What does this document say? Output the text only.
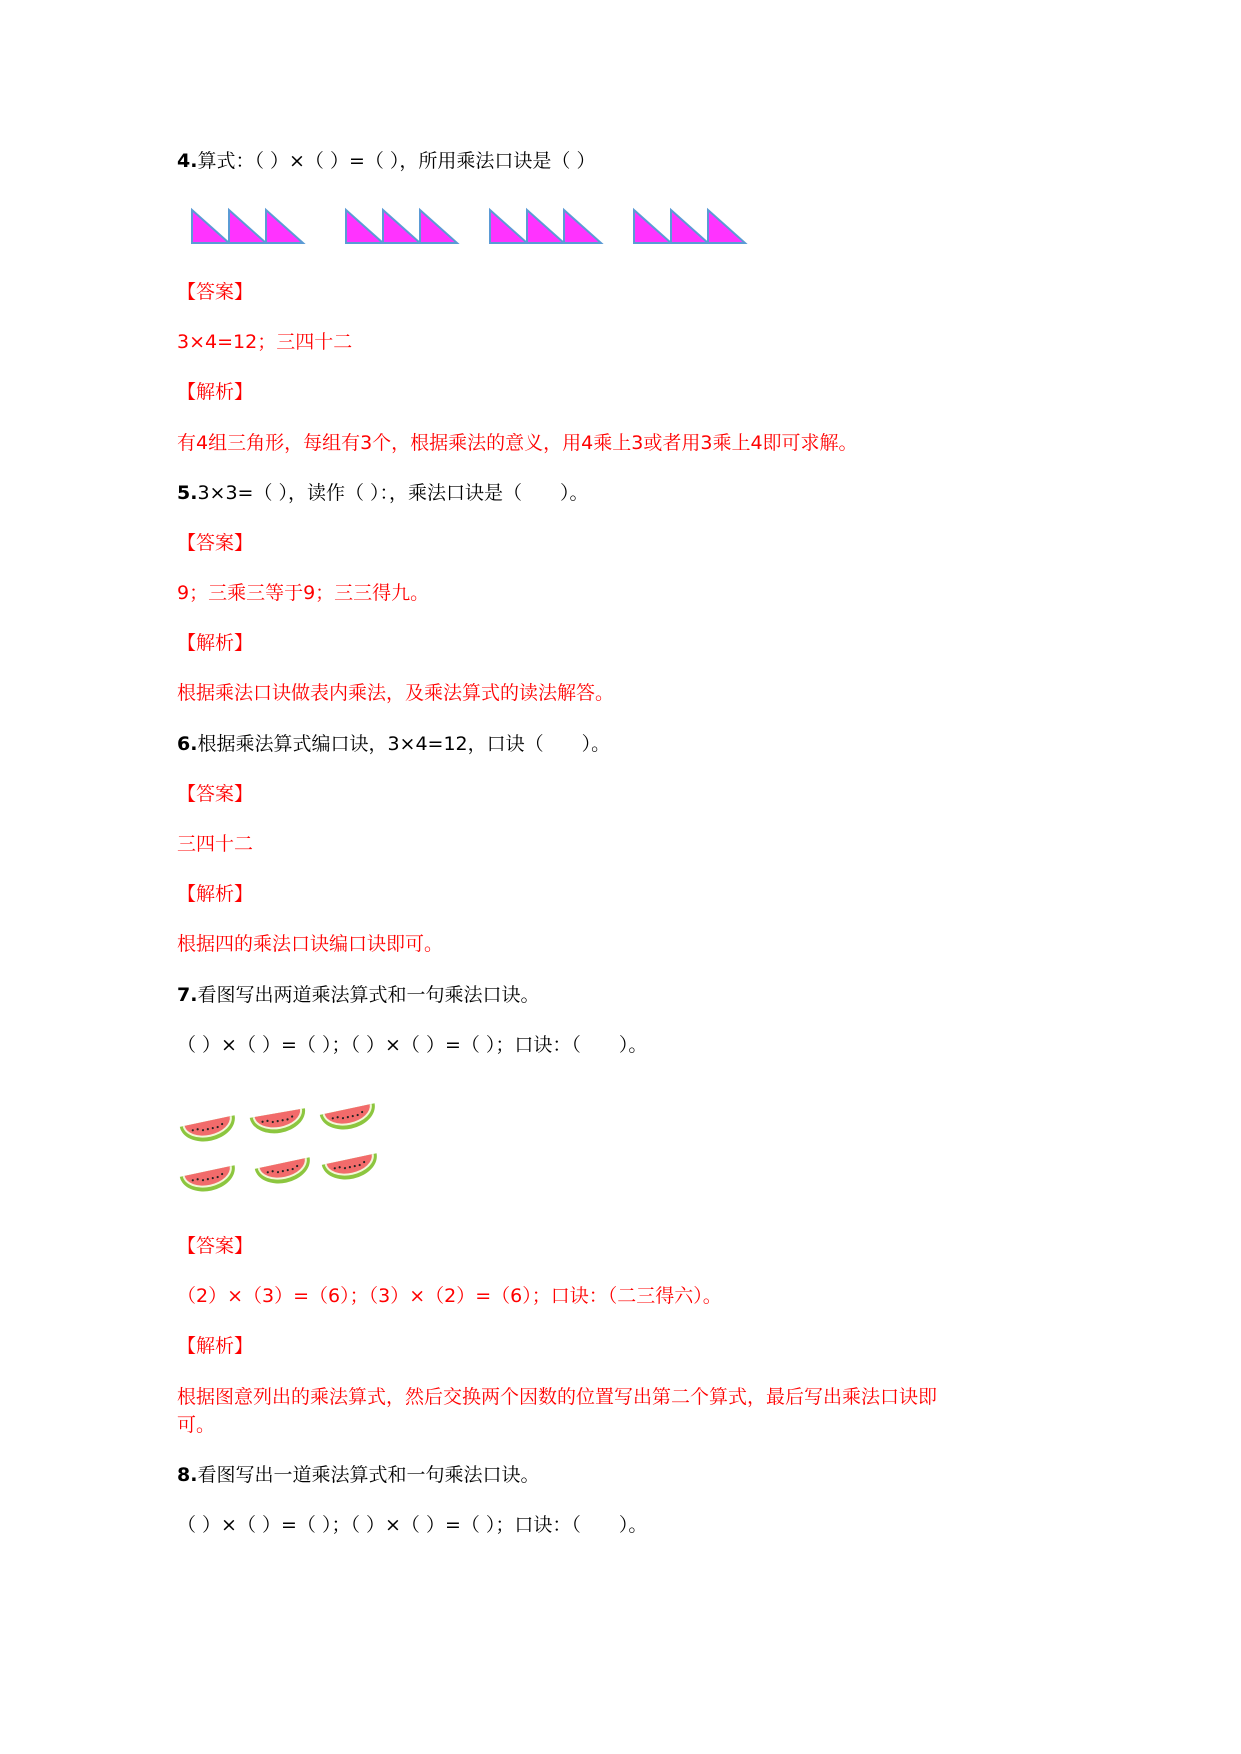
4.算式：（ ）×（ ）=（ ），所用乘法口诀是（ ）
【答案】
3×4=12；三四十二
【解析】
有4组三角形，每组有3个，根据乘法的意义，用4乘上3或者用3乘上4即可求解。
5.3×3=（ ），读作（ ）：，乘法口诀是（　　）。
【答案】
9；三乘三等于9；三三得九。
【解析】
根据乘法口诀做表内乘法，及乘法算式的读法解答。
6.根据乘法算式编口诀，3×4=12，口诀（　　）。
【答案】
三四十二
【解析】
根据四的乘法口诀编口诀即可。
7.看图写出两道乘法算式和一句乘法口诀。
（ ）×（ ）=（ ）；（ ）×（ ）=（ ）；口诀：（　　）。
【答案】
（2）×（3）=（6）；（3）×（2）=（6）；口诀：（二三得六）。
【解析】
根据图意列出的乘法算式，然后交换两个因数的位置写出第二个算式，最后写出乘法口诀即
可。
8.看图写出一道乘法算式和一句乘法口诀。
（ ）×（ ）=（ ）；（ ）×（ ）=（ ）；口诀：（　　）。
